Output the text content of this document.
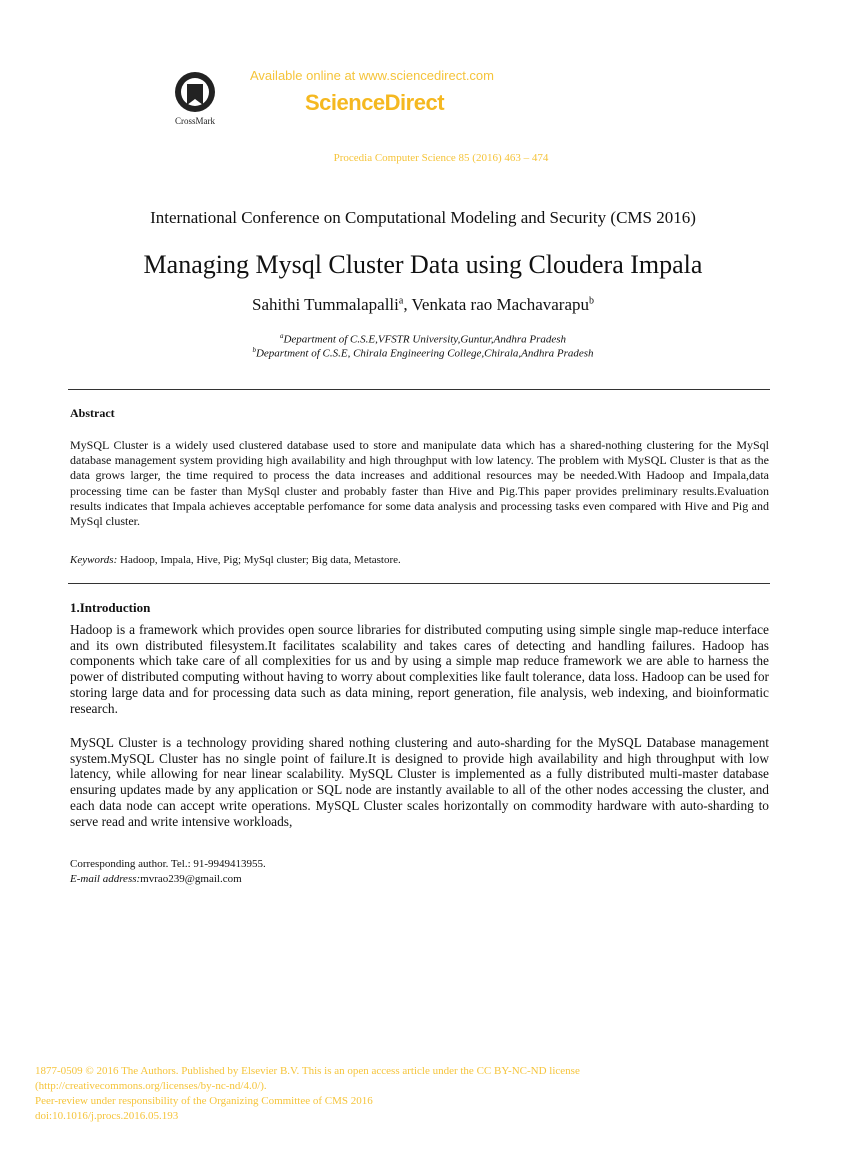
CrossMark
Available online at www.sciencedirect.com
ScienceDirect
Procedia Computer Science 85 (2016) 463 – 474
International Conference on Computational Modeling and Security (CMS 2016)
Managing Mysql Cluster Data using Cloudera Impala
Sahithi Tummalapalli$^a$, Venkata rao Machavarapu$^b$
$^a$Department of C.S.E,VFSTR University,Guntur,Andhra Pradesh
$^b$Department of C.S.E, Chirala Engineering College,Chirala,Andhra Pradesh
Abstract
MySQL Cluster is a widely used clustered database used to store and manipulate data which has a shared-nothing clustering for the MySql database management system providing high availability and high throughput with low latency. The problem with MySQL Cluster is that as the data grows larger, the time required to process the data increases and additional resources may be needed.With Hadoop and Impala,data processing time can be faster than MySql cluster and probably faster than Hive and Pig.This paper provides preliminary results.Evaluation results indicates that Impala achieves acceptable perfomance for some data analysis and processing tasks even compared with Hive and Pig and MySql cluster.
Keywords: Hadoop, Impala, Hive, Pig; MySql cluster; Big data, Metastore.
1.Introduction
Hadoop is a framework which provides open source libraries for distributed computing using simple single map-reduce interface and its own distributed filesystem.It facilitates scalability and takes cares of detecting and handling failures. Hadoop has components which take care of all complexities for us and by using a simple map reduce framework we are able to harness the power of distributed computing without having to worry about complexities like fault tolerance, data loss. Hadoop can be used for storing large data and for processing data such as data mining, report generation, file analysis, web indexing, and bioinformatic research.
MySQL Cluster is a technology providing shared nothing clustering and auto-sharding for the MySQL Database management system.MySQL Cluster has no single point of failure.It is designed to provide high availability and high throughput with low latency, while allowing for near linear scalability. MySQL Cluster is implemented as a fully distributed multi-master database ensuring updates made by any application or SQL node are instantly available to all of the other nodes accessing the cluster, and each data node can accept write operations. MySQL Cluster scales horizontally on commodity hardware with auto-sharding to serve read and write intensive workloads,
Corresponding author. Tel.: 91-9949413955.
E-mail address:mvrao239@gmail.com
1877-0509 © 2016 The Authors. Published by Elsevier B.V. This is an open access article under the CC BY-NC-ND license
(http://creativecommons.org/licenses/by-nc-nd/4.0/).
Peer-review under responsibility of the Organizing Committee of CMS 2016
doi:10.1016/j.procs.2016.05.193
